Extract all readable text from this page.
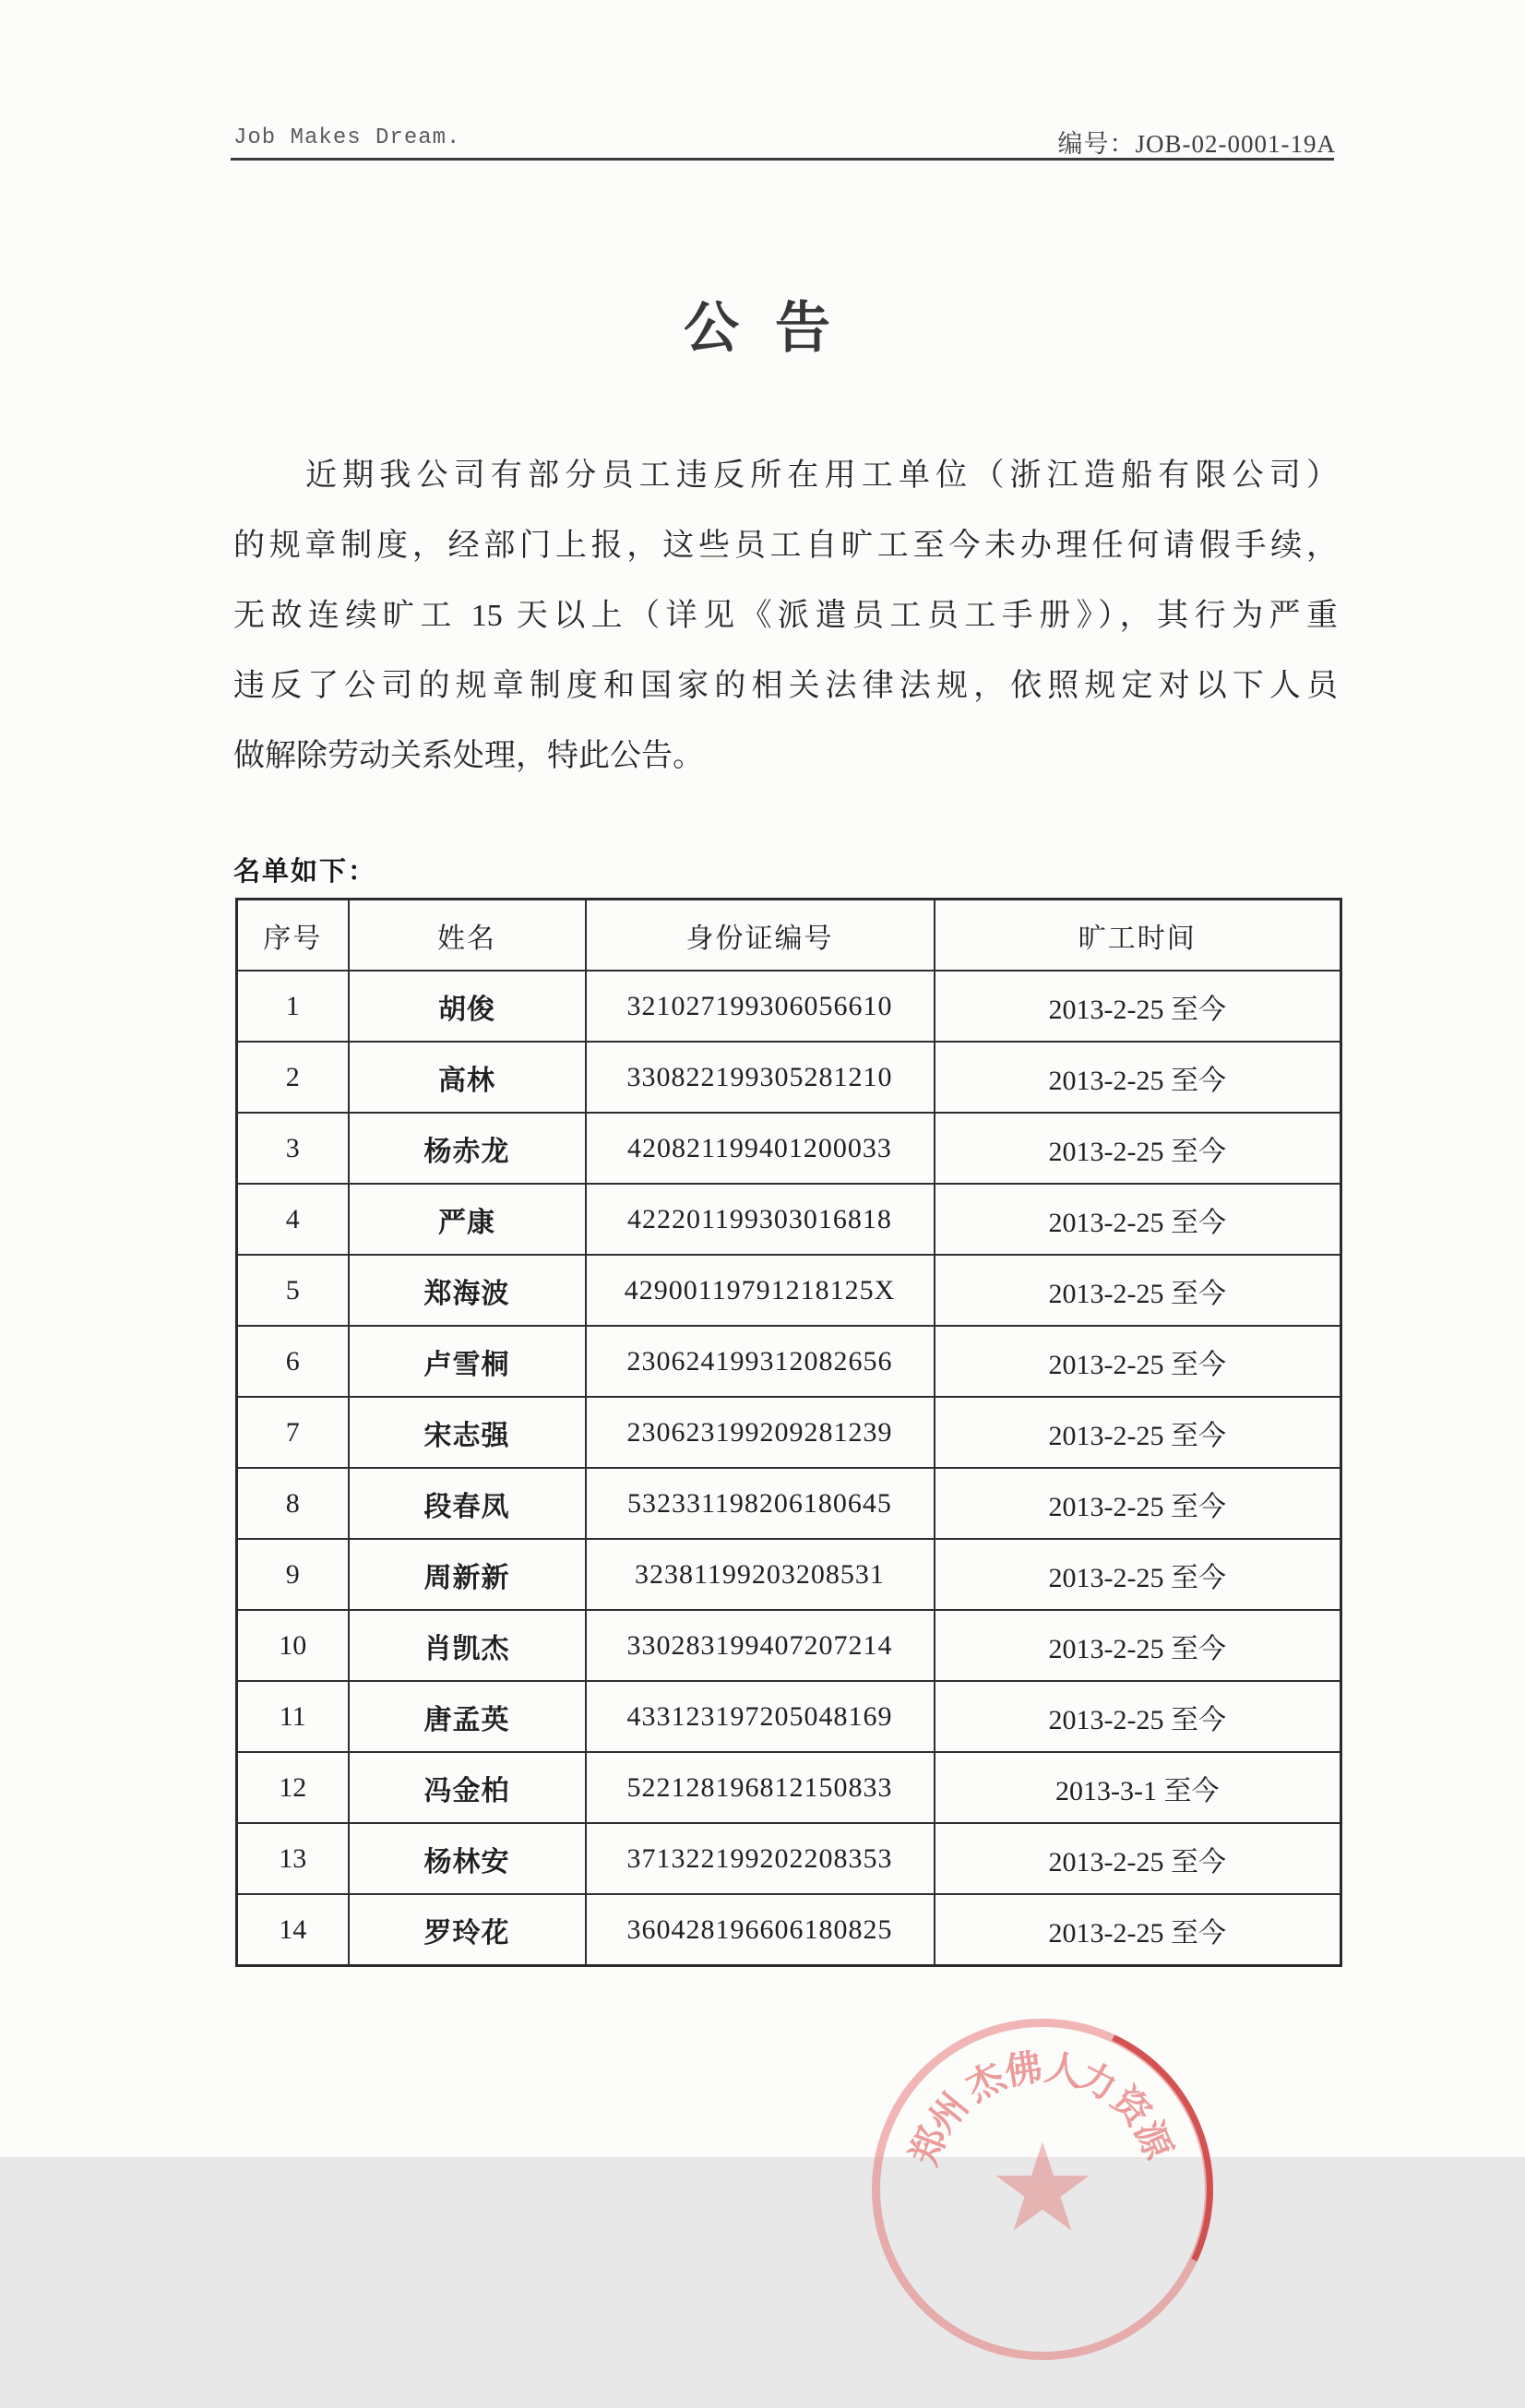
Job Makes Dream.	编号：JOB-02-0001-19A
公 告
近期我公司有部分员工违反所在用工单位（浙江造船有限公司）
的规章制度，经部门上报，这些员工自旷工至今未办理任何请假手续，
无故连续旷工 15 天以上（详见《派遣员工员工手册》），其行为严重
违反了公司的规章制度和国家的相关法律法规，依照规定对以下人员
做解除劳动关系处理，特此公告。
名单如下：
序号	姓名	身份证编号	旷工时间
1	胡俊	321027199306056610	2013-2-25 至今
2	高林	330822199305281210	2013-2-25 至今
3	杨赤龙	420821199401200033	2013-2-25 至今
4	严康	422201199303016818	2013-2-25 至今
5	郑海波	42900119791218125X	2013-2-25 至今
6	卢雪桐	230624199312082656	2013-2-25 至今
7	宋志强	230623199209281239	2013-2-25 至今
8	段春凤	532331198206180645	2013-2-25 至今
9	周新新	32381199203208531	2013-2-25 至今
10	肖凯杰	330283199407207214	2013-2-25 至今
11	唐孟英	433123197205048169	2013-2-25 至今
12	冯金柏	522128196812150833	2013-3-1 至今
13	杨林安	371322199202208353	2013-2-25 至今
14	罗玲花	360428196606180825	2013-2-25 至今
★
郑
州
杰
佛
人
力
资
源
